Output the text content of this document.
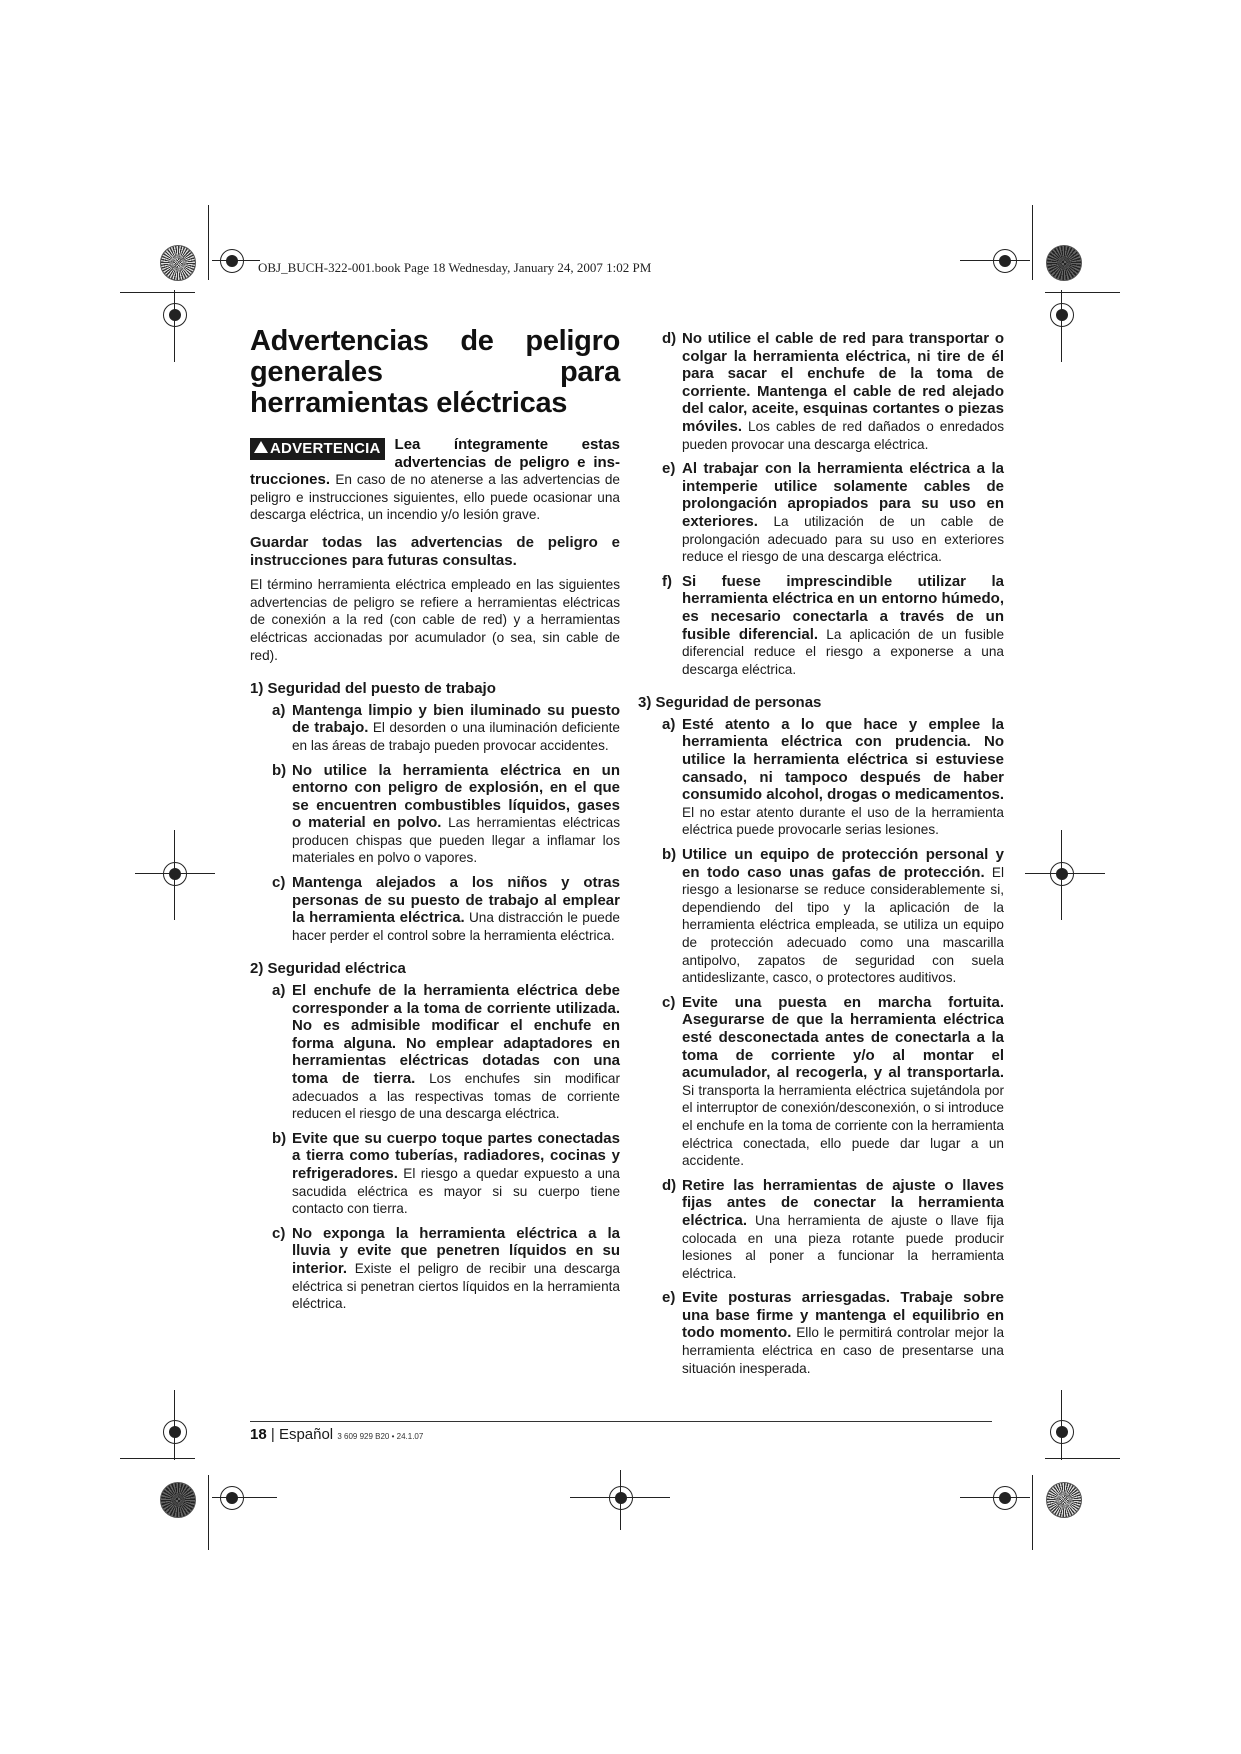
OBJ_BUCH-322-001.book Page 18 Wednesday, January 24, 2007 1:02 PM
Advertencias de peligro generales para herramientas eléctricas

ADVERTENCIA Lea íntegramente estas advertencias de peligro e ins- trucciones. En caso de no atenerse a las advertencias de peligro e instrucciones siguientes, ello puede ocasionar una descarga eléctrica, un incendio y/o lesión grave.

Guardar todas las advertencias de peligro e instrucciones para futuras consultas.

El término herramienta eléctrica empleado en las siguientes advertencias de peligro se refiere a herramientas eléctricas de conexión a la red (con cable de red) y a herramientas eléctricas accionadas por acumulador (o sea, sin cable de red).

1) Seguridad del puesto de trabajo
a) Mantenga limpio y bien iluminado su puesto de trabajo. El desorden o una iluminación deficiente en las áreas de trabajo pueden provocar accidentes.
b) No utilice la herramienta eléctrica en un entorno con peligro de explosión, en el que se encuentren combustibles líquidos, gases o material en polvo. Las herramientas eléctricas producen chispas que pueden llegar a inflamar los materiales en polvo o vapores.
c) Mantenga alejados a los niños y otras personas de su puesto de trabajo al emplear la herramienta eléctrica. Una distracción le puede hacer perder el control sobre la herramienta eléctrica.
2) Seguridad eléctrica
a) El enchufe de la herramienta eléctrica debe corresponder a la toma de corriente utilizada. No es admisible modificar el enchufe en forma alguna. No emplear adaptadores en herramientas eléctricas dotadas con una toma de tierra. Los enchufes sin modificar adecuados a las respectivas tomas de corriente reducen el riesgo de una descarga eléctrica.
b) Evite que su cuerpo toque partes conectadas a tierra como tuberías, radiadores, cocinas y refrigeradores. El riesgo a quedar expuesto a una sacudida eléctrica es mayor si su cuerpo tiene contacto con tierra.
c) No exponga la herramienta eléctrica a la lluvia y evite que penetren líquidos en su interior. Existe el peligro de recibir una descarga eléctrica si penetran ciertos líquidos en la herramienta eléctrica.
d) No utilice el cable de red para transportar o colgar la herramienta eléctrica, ni tire de él para sacar el enchufe de la toma de corriente. Mantenga el cable de red alejado del calor, aceite, esquinas cortantes o piezas móviles. Los cables de red dañados o enredados pueden provocar una descarga eléctrica.
e) Al trabajar con la herramienta eléctrica a la intemperie utilice solamente cables de prolongación apropiados para su uso en exteriores. La utilización de un cable de prolongación adecuado para su uso en exteriores reduce el riesgo de una descarga eléctrica.
f) Si fuese imprescindible utilizar la herramienta eléctrica en un entorno húmedo, es necesario conectarla a través de un fusible diferencial. La aplicación de un fusible diferencial reduce el riesgo a exponerse a una descarga eléctrica.
3) Seguridad de personas
a) Esté atento a lo que hace y emplee la herramienta eléctrica con prudencia. No utilice la herramienta eléctrica si estuviese cansado, ni tampoco después de haber consumido alcohol, drogas o medicamentos. El no estar atento durante el uso de la herramienta eléctrica puede provocarle serias lesiones.
b) Utilice un equipo de protección personal y en todo caso unas gafas de protección. El riesgo a lesionarse se reduce considerablemente si, dependiendo del tipo y la aplicación de la herramienta eléctrica empleada, se utiliza un equipo de protección adecuado como una mascarilla antipolvo, zapatos de seguridad con suela antideslizante, casco, o protectores auditivos.
c) Evite una puesta en marcha fortuita. Asegurarse de que la herramienta eléctrica esté desconectada antes de conectarla a la toma de corriente y/o al montar el acumulador, al recogerla, y al transportarla. Si transporta la herramienta eléctrica sujetándola por el interruptor de conexión/desconexión, o si introduce el enchufe en la toma de corriente con la herramienta eléctrica conectada, ello puede dar lugar a un accidente.
d) Retire las herramientas de ajuste o llaves fijas antes de conectar la herramienta eléctrica. Una herramienta de ajuste o llave fija colocada en una pieza rotante puede producir lesiones al poner a funcionar la herramienta eléctrica.
e) Evite posturas arriesgadas. Trabaje sobre una base firme y mantenga el equilibrio en todo momento. Ello le permitirá controlar mejor la herramienta eléctrica en caso de presentarse una situación inesperada.
18 | Español 3 609 929 B20 • 24.1.07
